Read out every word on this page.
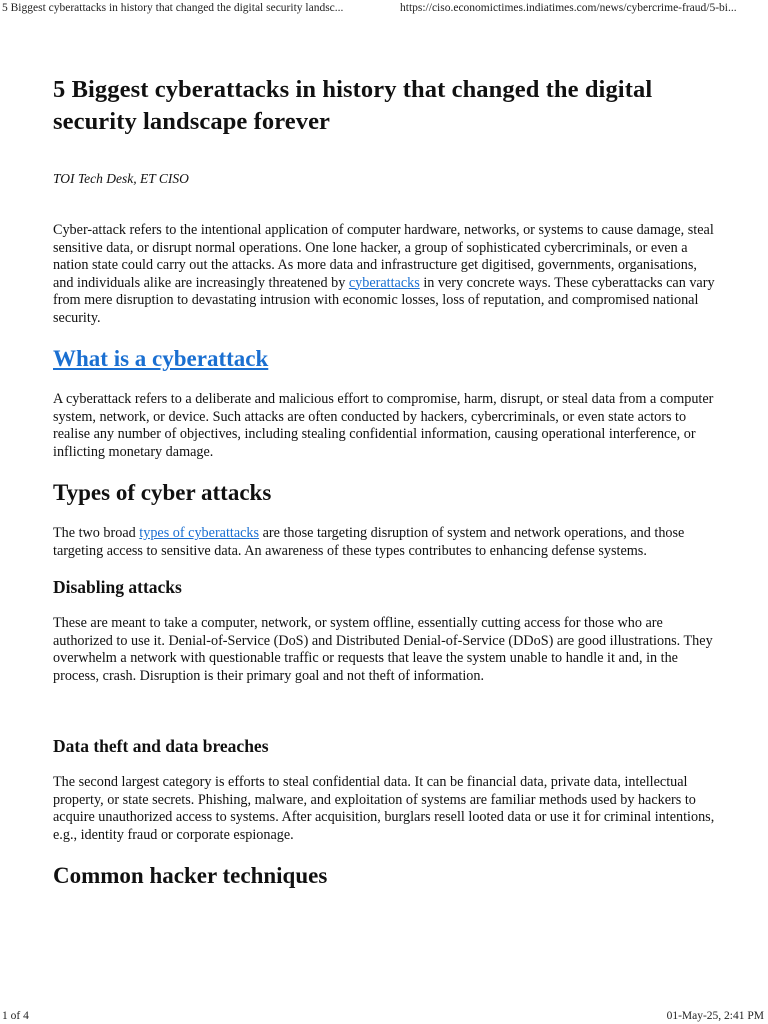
5 Biggest cyberattacks in history that changed the digital security landsc...	https://ciso.economictimes.indiatimes.com/news/cybercrime-fraud/5-bi...
5 Biggest cyberattacks in history that changed the digital security landscape forever
TOI Tech Desk, ET CISO

Cyber-attack refers to the intentional application of computer hardware, networks, or systems to cause damage, steal sensitive data, or disrupt normal operations. One lone hacker, a group of sophisticated cybercriminals, or even a nation state could carry out the attacks. As more data and infrastructure get digitised, governments, organisations, and individuals alike are increasingly threatened by cyberattacks in very concrete ways. These cyberattacks can vary from mere disruption to devastating intrusion with economic losses, loss of reputation, and compromised national security.

What is a cyberattack

A cyberattack refers to a deliberate and malicious effort to compromise, harm, disrupt, or steal data from a computer system, network, or device. Such attacks are often conducted by hackers, cybercriminals, or even state actors to realise any number of objectives, including stealing confidential information, causing operational interference, or inflicting monetary damage.

Types of cyber attacks

The two broad types of cyberattacks are those targeting disruption of system and network operations, and those targeting access to sensitive data. An awareness of these types contributes to enhancing defense systems.

Disabling attacks

These are meant to take a computer, network, or system offline, essentially cutting access for those who are authorized to use it. Denial-of-Service (DoS) and Distributed Denial-of-Service (DDoS) are good illustrations. They overwhelm a network with questionable traffic or requests that leave the system unable to handle it and, in the process, crash. Disruption is their primary goal and not theft of information.

Data theft and data breaches

The second largest category is efforts to steal confidential data. It can be financial data, private data, intellectual property, or state secrets. Phishing, malware, and exploitation of systems are familiar methods used by hackers to acquire unauthorized access to systems. After acquisition, burglars resell looted data or use it for criminal intentions, e.g., identity fraud or corporate espionage.

Common hacker techniques
1 of 4	01-May-25, 2:41 PM
